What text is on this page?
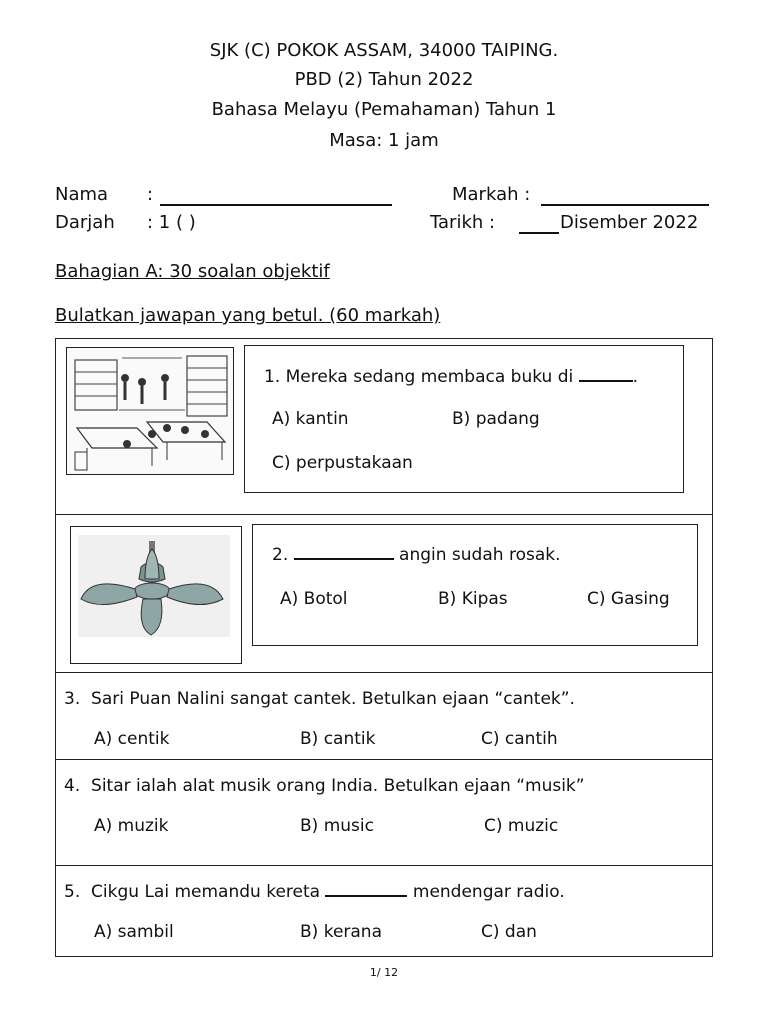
SJK (C) POKOK ASSAM, 34000 TAIPING.
PBD (2) Tahun 2022
Bahasa Melayu (Pemahaman) Tahun 1
Masa: 1 jam
Nama :	Markah :
Darjah : 1 ( )	Tarikh :	Disember 2022
Bahagian A: 30 soalan objektif
Bulatkan jawapan yang betul. (60 markah)
1. Mereka sedang membaca buku di	.
A) kantin	B) padang
C) perpustakaan
2.	angin sudah rosak.
A) Botol	B) Kipas	C) Gasing
3. Sari Puan Nalini sangat cantek. Betulkan ejaan “cantek”.
A) centik	B) cantik	C) cantih
4. Sitar ialah alat musik orang India. Betulkan ejaan “musik”
A) muzik	B) music	C) muzic
5. Cikgu Lai memandu kereta	mendengar radio.
A) sambil	B) kerana	C) dan
1/ 12
